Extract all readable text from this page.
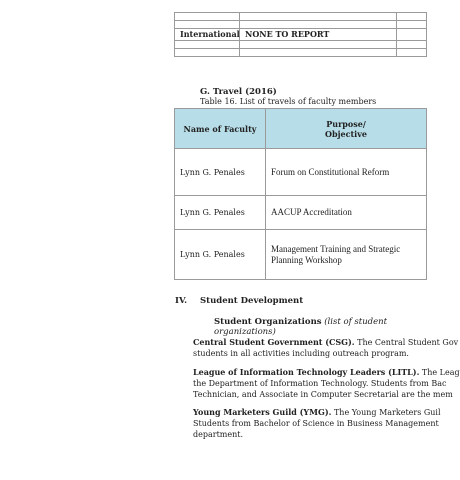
International	NONE TO REPORT	

G. Travel (2016)
Table 16. List of travels of faculty members
Name of Faculty	Purpose/
Objective
Lynn G. Penales	Forum on Constitutional Reform
Lynn G. Penales	AACUP Accreditation
Lynn G. Penales	Management Training and Strategic
Planning Workshop
IV. Student Development
Student Organizations (list of student organizations)
Central Student Government (CSG). The Central Student Gov
students in all activities including outreach program.
League of Information Technology Leaders (LITL). The Leag
the Department of Information Technology. Students from Bac
Technician, and Associate in Computer Secretarial are the mem
Young Marketers Guild (YMG). The Young Marketers Guil
Students from Bachelor of Science in Business Management
department.
